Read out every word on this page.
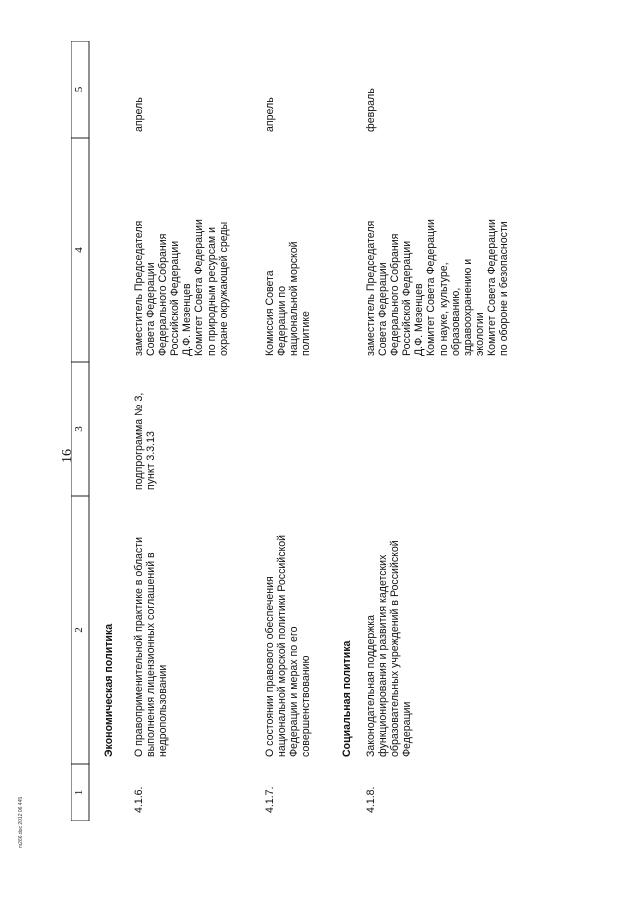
16
1
2
3
4
5
Экономическая политика
4.1.6.
О правоприменительной практике в области выполнения лицензионных соглашений в недропользовании
подпрограмма № 3, пункт 3.3.13
заместитель Председателя Совета Федерации Федерального Собрания Российской Федерации Д.Ф. Мезенцев Комитет Совета Федерации по природным ресурсам и охране окружающей среды
апрель
4.1.7.
О состоянии правового обеспечения национальной морской политики Российской Федерации и мерах по его совершенствованию
Комиссия Совета Федерации по национальной морской политике
апрель
Социальная политика
4.1.8.
Законодательная поддержка функционирования и развития кадетских образовательных учреждений в Российской Федерации
заместитель Председателя Совета Федерации Федерального Собрания Российской Федерации Д.Ф. Мезенцев Комитет Совета Федерации по науке, культуре, образованию, здравоохранению и экологии Комитет Совета Федерации по обороне и безопасности
февраль
m266.doc 2012 06 445
